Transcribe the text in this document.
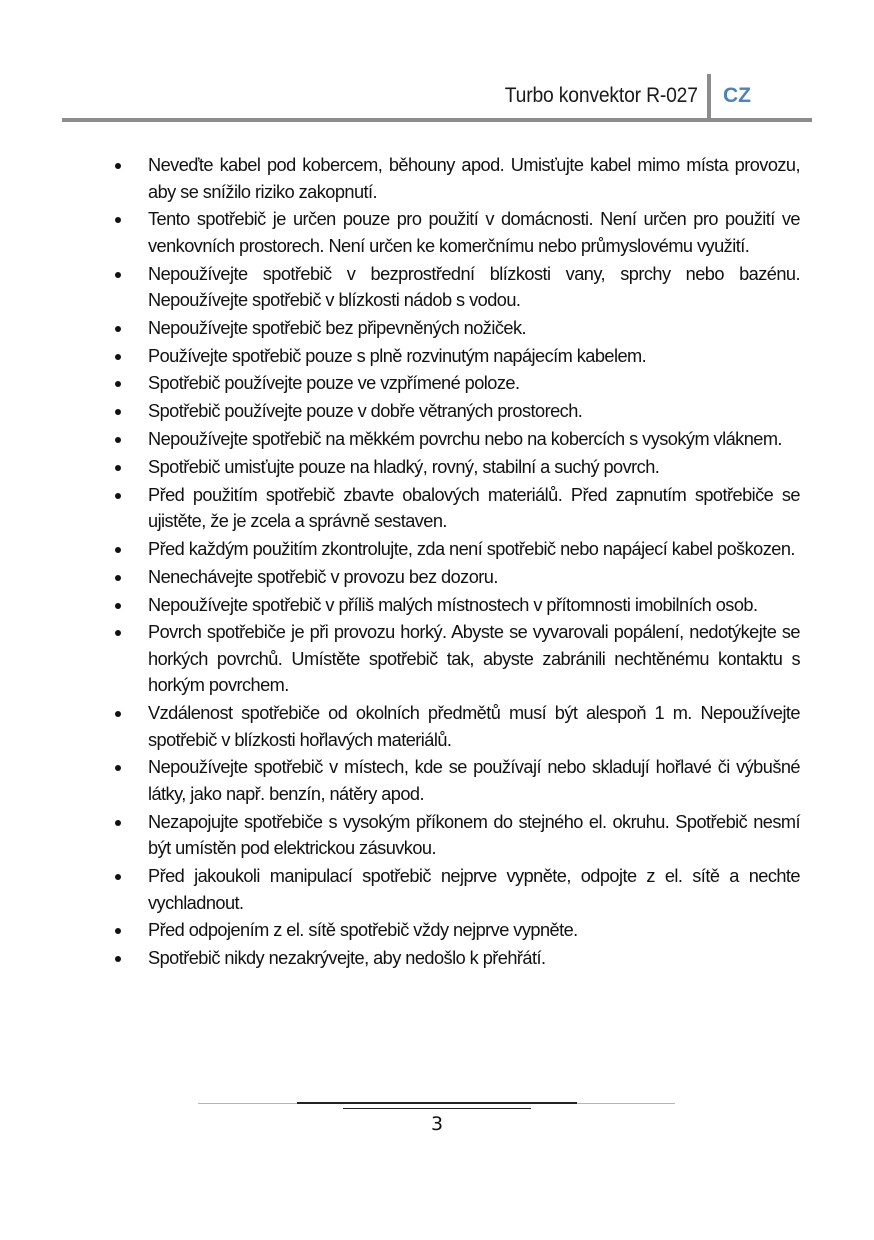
Turbo konvektor R-027 CZ
Neveďte kabel pod kobercem, běhouny apod. Umisťujte kabel mimo místa provozu, aby se snížilo riziko zakopnutí.
Tento spotřebič je určen pouze pro použití v domácnosti. Není určen pro použití ve venkovních prostorech. Není určen ke komerčnímu nebo průmyslovému využití.
Nepoužívejte spotřebič v bezprostřední blízkosti vany, sprchy nebo bazénu. Nepoužívejte spotřebič v blízkosti nádob s vodou.
Nepoužívejte spotřebič bez připevněných nožiček.
Používejte spotřebič pouze s plně rozvinutým napájecím kabelem.
Spotřebič používejte pouze ve vzpřímené poloze.
Spotřebič používejte pouze v dobře větraných prostorech.
Nepoužívejte spotřebič na měkkém povrchu nebo na kobercích s vysokým vláknem.
Spotřebič umisťujte pouze na hladký, rovný, stabilní a suchý povrch.
Před použitím spotřebič zbavte obalových materiálů. Před zapnutím spotřebiče se ujistěte, že je zcela a správně sestaven.
Před každým použitím zkontrolujte, zda není spotřebič nebo napájecí kabel poškozen.
Nenechávejte spotřebič v provozu bez dozoru.
Nepoužívejte spotřebič v příliš malých místnostech v přítomnosti imobilních osob.
Povrch spotřebiče je při provozu horký. Abyste se vyvarovali popálení, nedotýkejte se horkých povrchů. Umístěte spotřebič tak, abyste zabránili nechtěnému kontaktu s horkým povrchem.
Vzdálenost spotřebiče od okolních předmětů musí být alespoň 1 m. Nepoužívejte spotřebič v blízkosti hořlavých materiálů.
Nepoužívejte spotřebič v místech, kde se používají nebo skladují hořlavé či výbušné látky, jako např. benzín, nátěry apod.
Nezapojujte spotřebiče s vysokým příkonem do stejného el. okruhu. Spotřebič nesmí být umístěn pod elektrickou zásuvkou.
Před jakoukoli manipulací spotřebič nejprve vypněte, odpojte z el. sítě a nechte vychladnout.
Před odpojením z el. sítě spotřebič vždy nejprve vypněte.
Spotřebič nikdy nezakrývejte, aby nedošlo k přehřátí.
3
